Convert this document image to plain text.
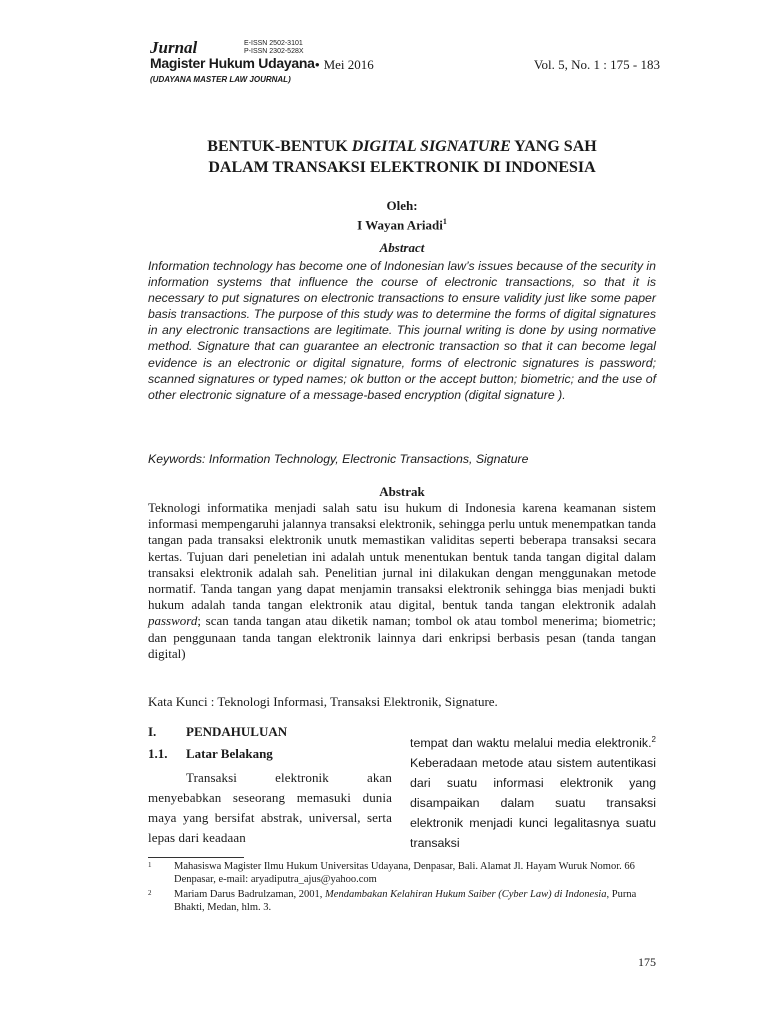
Jurnal	E-ISSN 2502-3101
P-ISSN 2302-528X
Magister Hukum Udayana • Mei 2016
(UDAYANA MASTER LAW JOURNAL)
Vol. 5, No. 1 : 175 - 183
BENTUK-BENTUK DIGITAL SIGNATURE YANG SAH
DALAM TRANSAKSI ELEKTRONIK DI INDONESIA
Oleh:
I Wayan Ariadi$^1$
Abstract
Information technology has become one of Indonesian law’s issues because of the security in information systems that influence the course of electronic transactions, so that it is necessary to put signatures on electronic transactions to ensure validity just like some paper basis transactions. The purpose of this study was to determine the forms of digital signatures in any electronic transactions are legitimate. This journal writing is done by using normative method. Signature that can guarantee an electronic transaction so that it can become legal evidence is an electronic or digital signature, forms of electronic signatures is password; scanned signatures or typed names; ok button or the accept button; biometric; and the use of other electronic signature of a message-based encryption (digital signature ).
Keywords: Information Technology, Electronic Transactions, Signature
Abstrak
Teknologi informatika menjadi salah satu isu hukum di Indonesia karena keamanan sistem informasi mempengaruhi jalannya transaksi elektronik, sehingga perlu untuk menempatkan tanda tangan pada transaksi elektronik unutk memastikan validitas seperti beberapa transaksi secara kertas. Tujuan dari peneletian ini adalah untuk menentukan bentuk tanda tangan digital dalam transaksi elektronik adalah sah. Penelitian jurnal ini dilakukan dengan menggunakan metode normatif. Tanda tangan yang dapat menjamin transaksi elektronik sehingga bias menjadi bukti hukum adalah tanda tangan elektronik atau digital, bentuk tanda tangan elektronik adalah password; scan tanda tangan atau diketik naman; tombol ok atau tombol menerima; biometric; dan penggunaan tanda tangan elektronik lainnya dari enkripsi berbasis pesan (tanda tangan digital)
Kata Kunci : Teknologi Informasi, Transaksi Elektronik, Signature.
I. PENDAHULUAN
1.1. Latar Belakang

Transaksi elektronik akan menyebabkan seseorang memasuki dunia maya yang bersifat abstrak, universal, serta lepas dari keadaan

tempat dan waktu melalui media elektronik.$^2$ Keberadaan metode atau sistem autentikasi dari suatu informasi elektronik yang disampaikan dalam suatu transaksi elektronik menjadi kunci legalitasnya suatu transaksi
1 Mahasiswa Magister Ilmu Hukum Universitas Udayana, Denpasar, Bali. Alamat Jl. Hayam Wuruk Nomor. 66 Denpasar, e-mail: aryadiputra_ajus@yahoo.com
2 Mariam Darus Badrulzaman, 2001, Mendambakan Kelahiran Hukum Saiber (Cyber Law) di Indonesia, Purna Bhakti, Medan, hlm. 3.
175
